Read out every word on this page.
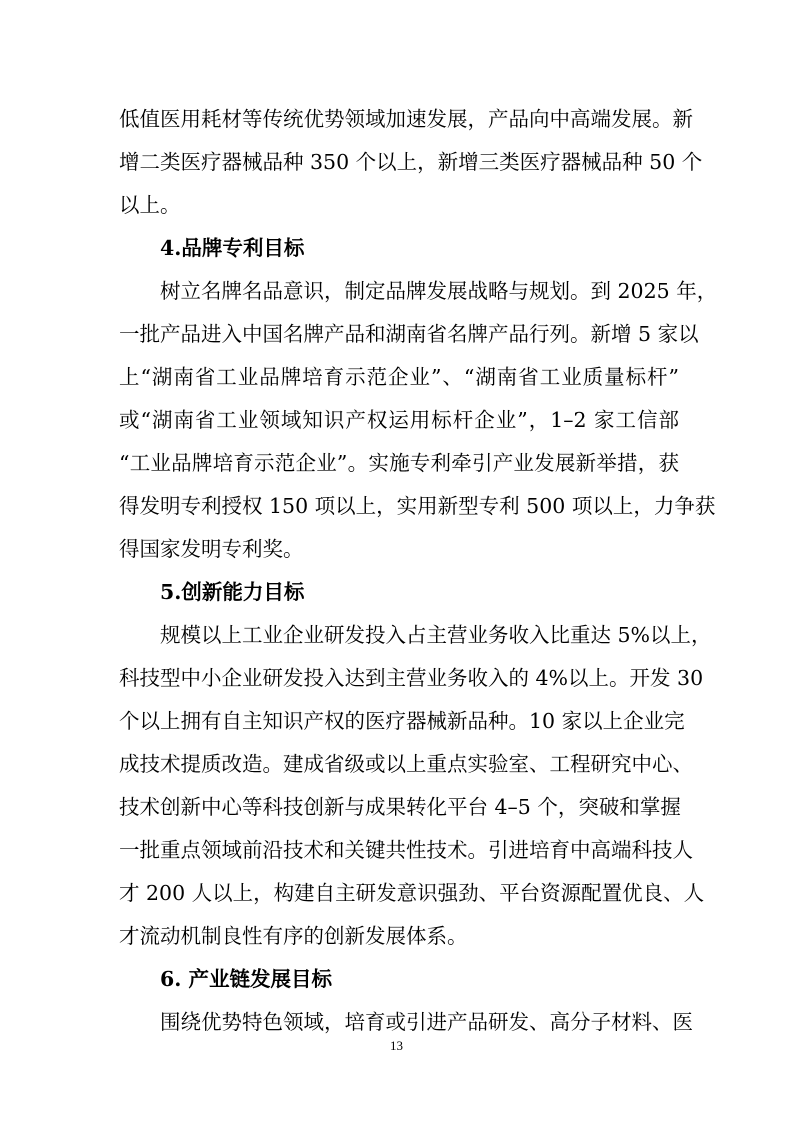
低值医用耗材等传统优势领域加速发展，产品向中高端发展。新
增二类医疗器械品种 350 个以上，新增三类医疗器械品种 50 个
以上。
4.品牌专利目标
树立名牌名品意识，制定品牌发展战略与规划。到 2025 年，
一批产品进入中国名牌产品和湖南省名牌产品行列。新增 5 家以
上“湖南省工业品牌培育示范企业”、“湖南省工业质量标杆”
或“湖南省工业领域知识产权运用标杆企业”，1–2 家工信部
“工业品牌培育示范企业”。实施专利牵引产业发展新举措，获
得发明专利授权 150 项以上，实用新型专利 500 项以上，力争获
得国家发明专利奖。
5.创新能力目标
规模以上工业企业研发投入占主营业务收入比重达 5%以上，
科技型中小企业研发投入达到主营业务收入的 4%以上。开发 30
个以上拥有自主知识产权的医疗器械新品种。10 家以上企业完
成技术提质改造。建成省级或以上重点实验室、工程研究中心、
技术创新中心等科技创新与成果转化平台 4–5 个，突破和掌握
一批重点领域前沿技术和关键共性技术。引进培育中高端科技人
才 200 人以上，构建自主研发意识强劲、平台资源配置优良、人
才流动机制良性有序的创新发展体系。
6. 产业链发展目标
围绕优势特色领域，培育或引进产品研发、高分子材料、医
13
